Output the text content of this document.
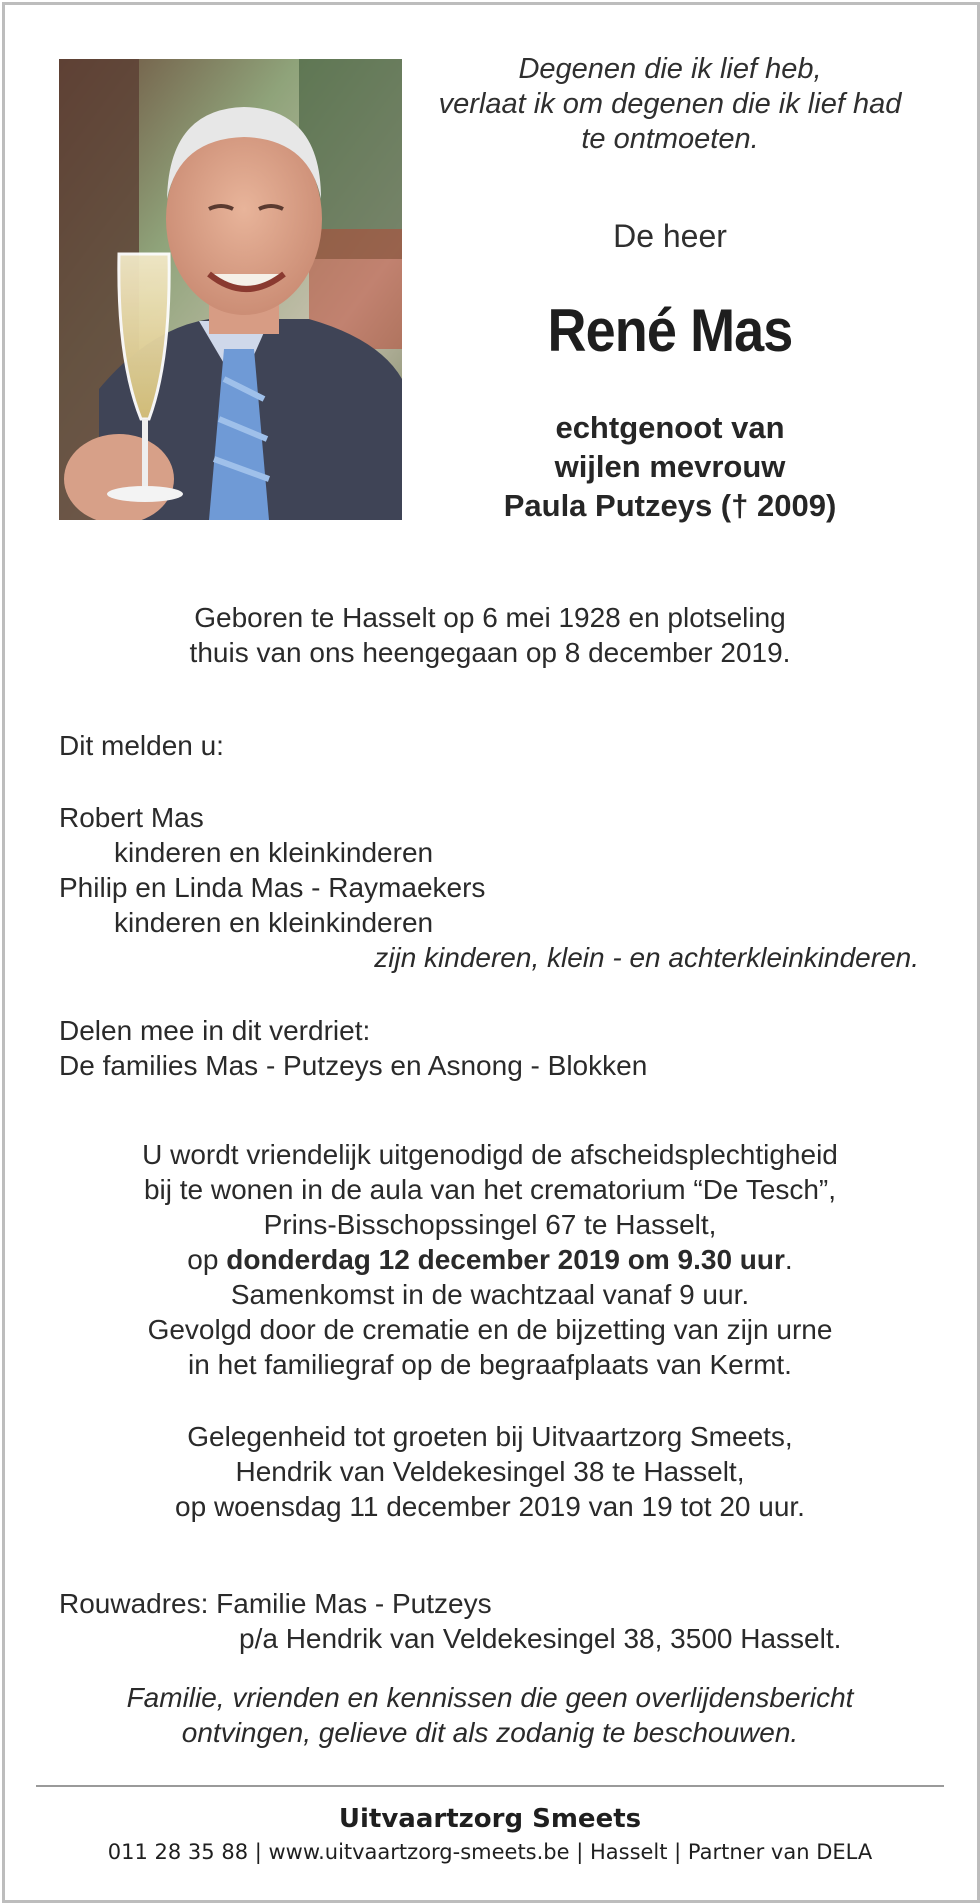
Degenen die ik lief heb,
verlaat ik om degenen die ik lief had
te ontmoeten.
De heer
René Mas
echtgenoot van
wijlen mevrouw
Paula Putzeys († 2009)
Geboren te Hasselt op 6 mei 1928 en plotseling
thuis van ons heengegaan op 8 december 2019.
Dit melden u:
Robert Mas
kinderen en kleinkinderen
Philip en Linda Mas - Raymaekers
kinderen en kleinkinderen
zijn kinderen, klein - en achterkleinkinderen.
Delen mee in dit verdriet:
De families Mas - Putzeys en Asnong - Blokken
U wordt vriendelijk uitgenodigd de afscheidsplechtigheid
bij te wonen in de aula van het crematorium “De Tesch”,
Prins-Bisschopssingel 67 te Hasselt,
op donderdag 12 december 2019 om 9.30 uur.
Samenkomst in de wachtzaal vanaf 9 uur.
Gevolgd door de crematie en de bijzetting van zijn urne
in het familiegraf op de begraafplaats van Kermt.
Gelegenheid tot groeten bij Uitvaartzorg Smeets,
Hendrik van Veldekesingel 38 te Hasselt,
op woensdag 11 december 2019 van 19 tot 20 uur.
Rouwadres: Familie Mas - Putzeys
p/a Hendrik van Veldekesingel 38, 3500 Hasselt.
Familie, vrienden en kennissen die geen overlijdensbericht
ontvingen, gelieve dit als zodanig te beschouwen.
Uitvaartzorg Smeets
011 28 35 88 | www.uitvaartzorg-smeets.be | Hasselt | Partner van DELA
